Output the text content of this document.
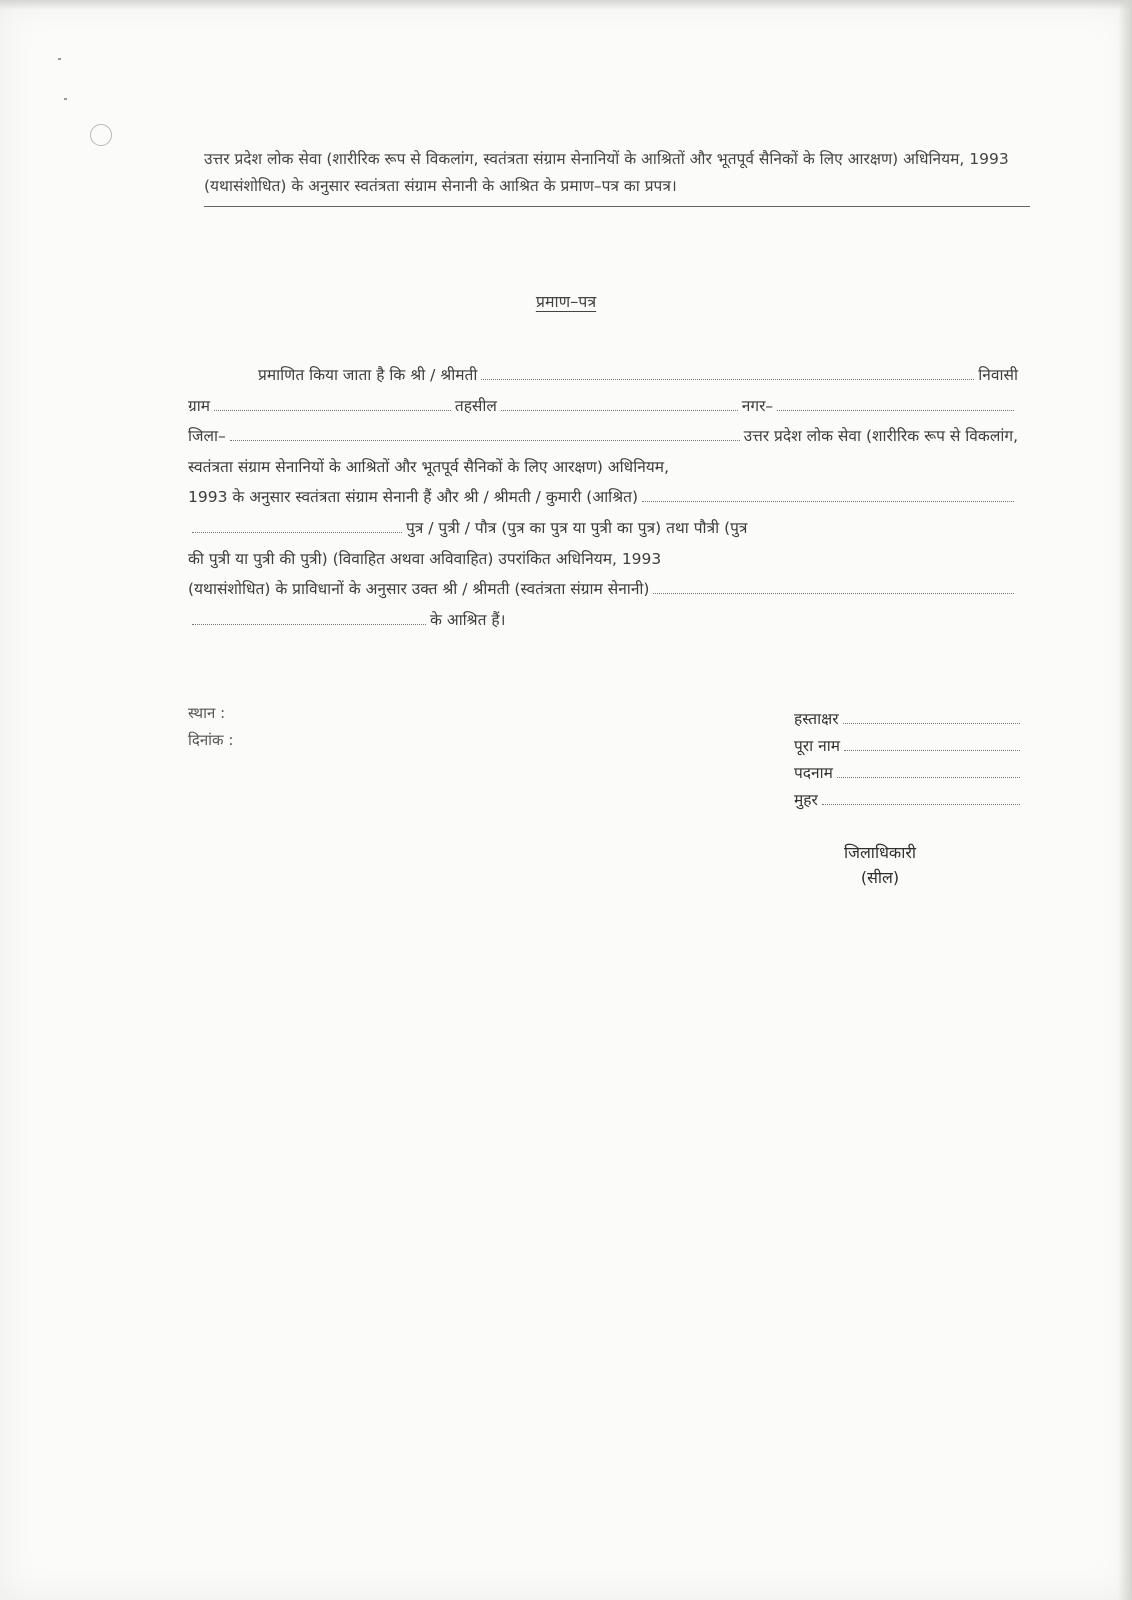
उत्तर प्रदेश लोक सेवा (शारीरिक रूप से विकलांग, स्वतंत्रता संग्राम सेनानियों के आश्रितों और भूतपूर्व सैनिकों के लिए आरक्षण) अधिनियम, 1993 (यथासंशोधित) के अनुसार स्वतंत्रता संग्राम सेनानी के आश्रित के प्रमाण–पत्र का प्रपत्र।
प्रमाण–पत्र
प्रमाणित किया जाता है कि श्री / श्रीमती	निवासी
ग्राम	तहसील	नगर–
जिला–	उत्तर प्रदेश लोक सेवा (शारीरिक रूप से विकलांग,
स्वतंत्रता संग्राम सेनानियों के आश्रितों और भूतपूर्व सैनिकों के लिए आरक्षण) अधिनियम,
1993 के अनुसार स्वतंत्रता संग्राम सेनानी हैं और श्री / श्रीमती / कुमारी (आश्रित)
पुत्र / पुत्री / पौत्र (पुत्र का पुत्र या पुत्री का पुत्र) तथा पौत्री (पुत्र
की पुत्री या पुत्री की पुत्री) (विवाहित अथवा अविवाहित) उपरांकित अधिनियम, 1993
(यथासंशोधित) के प्राविधानों के अनुसार उक्त श्री / श्रीमती (स्वतंत्रता संग्राम सेनानी)
के आश्रित हैं।
स्थान :
दिनांक :
हस्ताक्षर
पूरा नाम
पदनाम
मुहर
जिलाधिकारी
(सील)
